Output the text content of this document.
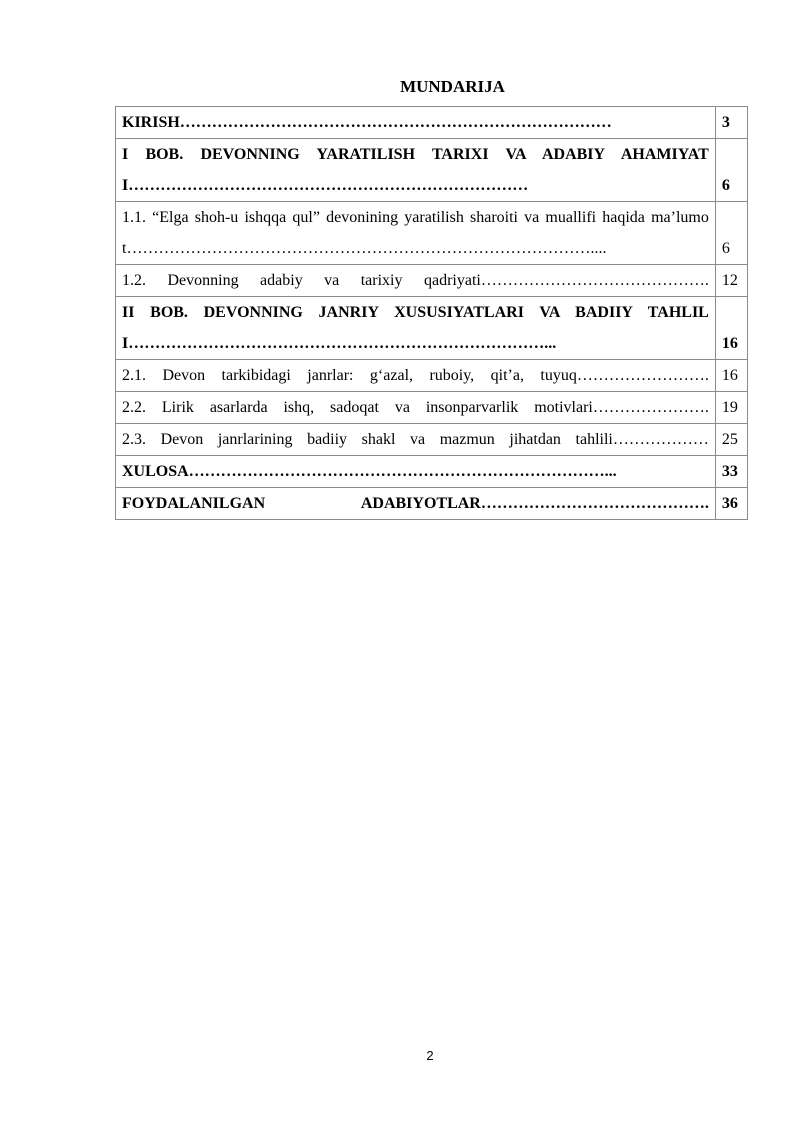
MUNDARIJA
KIRISH………………………………………………………………………	3

I BOB. DEVONNING YARATILISH TARIXI VA ADABIY AHAMIYATI…………………………………………………………………	6

1.1. “Elga shoh-u ishqqa qul” devonining yaratilish sharoiti va muallifi haqida ma’lumot……………………………………………………………………………....	6

1.2. Devonning adabiy va tarixiy qadriyati…………………………………….	12

II BOB. DEVONNING JANRIY XUSUSIYATLARI VA BADIIY TAHLILI……………………………………………………………………...	16

2.1. Devon tarkibidagi janrlar: g‘azal, ruboiy, qit’a, tuyuq…………………….	16

2.2. Lirik asarlarda ishq, sadoqat va insonparvarlik motivlari………………….	19

2.3. Devon janrlarining badiiy shakl va mazmun jihatdan tahlili………………	25

XULOSA……………………………………………………………………...	33

FOYDALANILGAN ADABIYOTLAR…………………………………….	36
2
